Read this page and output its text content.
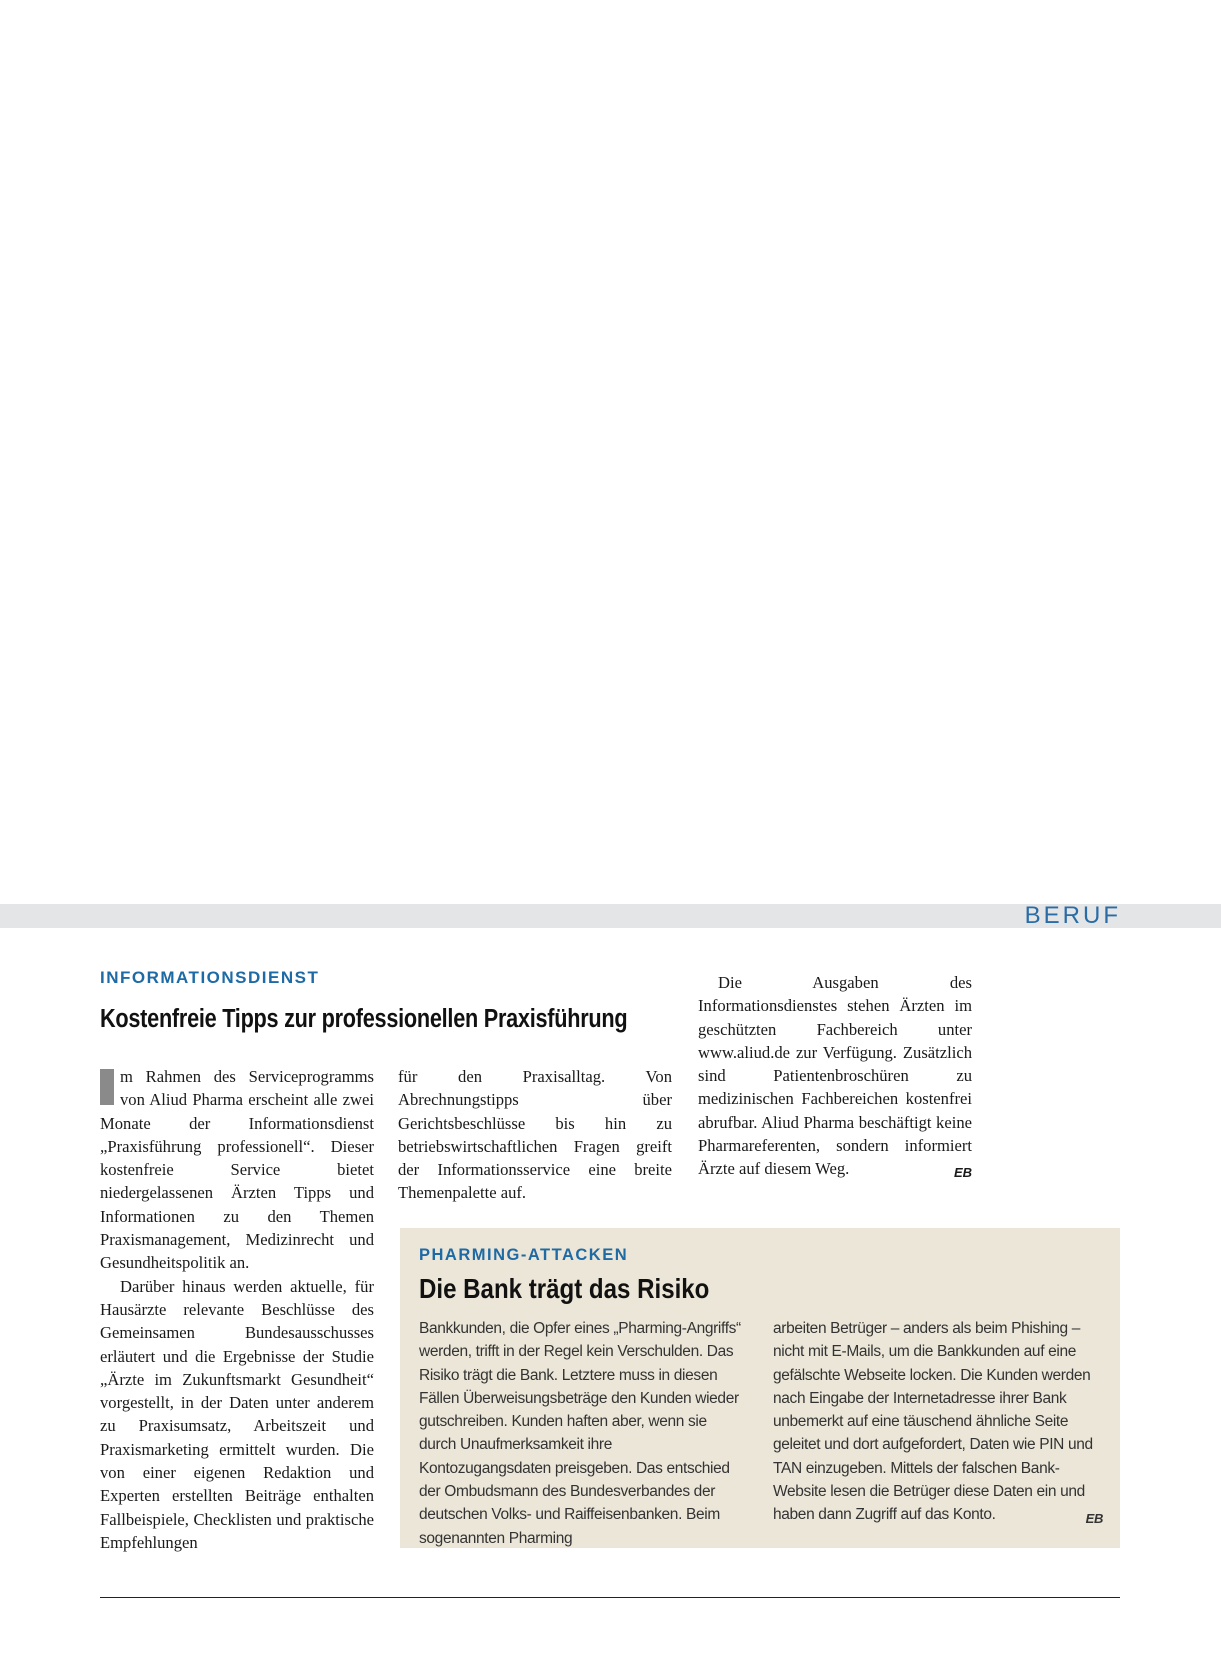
BERUF
INFORMATIONSDIENST
Kostenfreie Tipps zur professionellen Praxisführung

m Rahmen des Serviceprogramms von Aliud Pharma erscheint alle zwei Monate der Informationsdienst „Praxisführung professionell“. Dieser kostenfreie Service bietet niedergelassenen Ärzten Tipps und Informationen zu den Themen Praxismanagement, Medizinrecht und Gesundheitspolitik an.

Darüber hinaus werden aktuelle, für Hausärzte relevante Beschlüsse des Gemeinsamen Bundesausschusses erläutert und die Ergebnisse der Studie „Ärzte im Zukunftsmarkt Gesundheit“ vorgestellt, in der Daten unter anderem zu Praxisumsatz, Arbeitszeit und Praxismarketing ermittelt wurden. Die von einer eigenen Redaktion und Experten erstellten Beiträge enthalten Fallbeispiele, Checklisten und praktische Empfehlungen

für den Praxisalltag. Von Abrechnungstipps über Gerichtsbeschlüsse bis hin zu betriebswirtschaftlichen Fragen greift der Informationsservice eine breite Themenpalette auf.

Die Ausgaben des Informationsdienstes stehen Ärzten im geschützten Fachbereich unter www.aliud.de zur Verfügung. Zusätzlich sind Patientenbroschüren zu medizinischen Fachbereichen kostenfrei abrufbar. Aliud Pharma beschäftigt keine Pharmareferenten, sondern informiert Ärzte auf diesem Weg.	EB

PHARMING-ATTACKEN
Die Bank trägt das Risiko

Bankkunden, die Opfer eines „Pharming-Angriffs“ werden, trifft in der Regel kein Verschulden. Das Risiko trägt die Bank. Letztere muss in diesen Fällen Überweisungsbeträge den Kunden wieder gutschreiben. Kunden haften aber, wenn sie durch Unaufmerksamkeit ihre Kontozugangsdaten preisgeben. Das entschied der Ombudsmann des Bundesverbandes der deutschen Volks- und Raiffeisenbanken. Beim sogenannten Pharming

arbeiten Betrüger – anders als beim Phishing – nicht mit E-Mails, um die Bankkunden auf eine gefälschte Webseite locken. Die Kunden werden nach Eingabe der Internetadresse ihrer Bank unbemerkt auf eine täuschend ähnliche Seite geleitet und dort aufgefordert, Daten wie PIN und TAN einzugeben. Mittels der falschen Bank-Website lesen die Betrüger diese Daten ein und haben dann Zugriff auf das Konto.	EB
